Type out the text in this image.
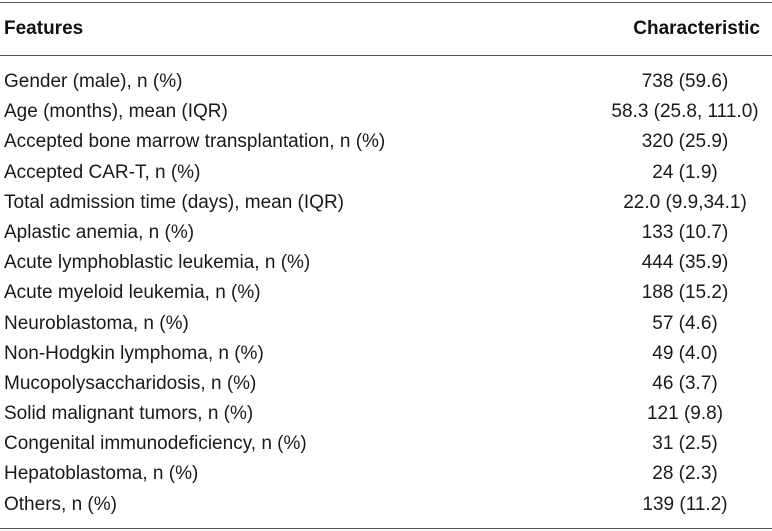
Features	Characteristic
Gender (male), n (%)	738 (59.6)
Age (months), mean (IQR)	58.3 (25.8, 111.0)
Accepted bone marrow transplantation, n (%)	320 (25.9)
Accepted CAR-T, n (%)	24 (1.9)
Total admission time (days), mean (IQR)	22.0 (9.9,34.1)
Aplastic anemia, n (%)	133 (10.7)
Acute lymphoblastic leukemia, n (%)	444 (35.9)
Acute myeloid leukemia, n (%)	188 (15.2)
Neuroblastoma, n (%)	57 (4.6)
Non-Hodgkin lymphoma, n (%)	49 (4.0)
Mucopolysaccharidosis, n (%)	46 (3.7)
Solid malignant tumors, n (%)	121 (9.8)
Congenital immunodeficiency, n (%)	31 (2.5)
Hepatoblastoma, n (%)	28 (2.3)
Others, n (%)	139 (11.2)
